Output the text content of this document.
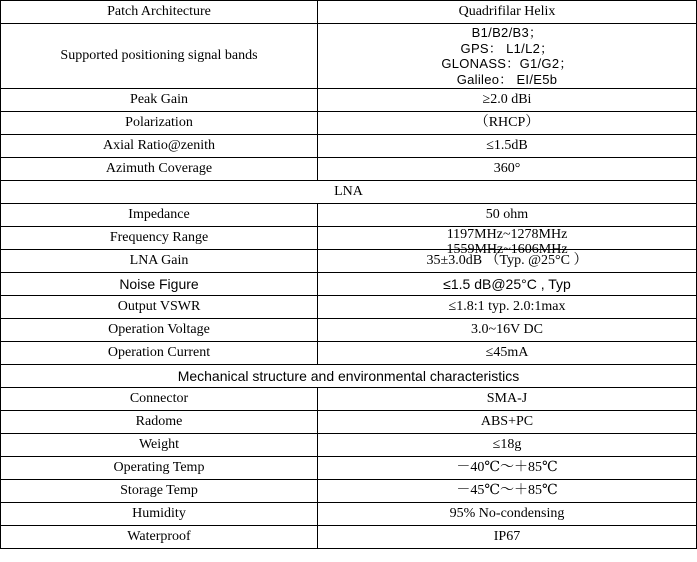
Patch Architecture	Quadrifilar Helix
Supported positioning signal bands	B1/B2/B3；
GPS： L1/L2；
GLONASS：G1/G2；
Galileo： EI/E5b

Peak Gain	≥2.0 dBi
Polarization	（RHCP）
Axial Ratio@zenith	≤1.5dB
Azimuth Coverage	360°
LNA	
Impedance	50 ohm
Frequency Range	1197MHz~1278MHz
1559MHz~1606MHz

LNA Gain	35±3.0dB （Typ. @25°C ）
Noise Figure	≤1.5 dB@25°C , Typ
Output VSWR	≤1.8:1 typ. 2.0:1max
Operation Voltage	3.0~16V DC
Operation Current	≤45mA
Mechanical structure and environmental characteristics	
Connector	SMA-J
Radome	ABS+PC
Weight	≤18g
Operating Temp	－40℃～＋85℃
Storage Temp	－45℃～＋85℃
Humidity	95% No-condensing
Waterproof	IP67
